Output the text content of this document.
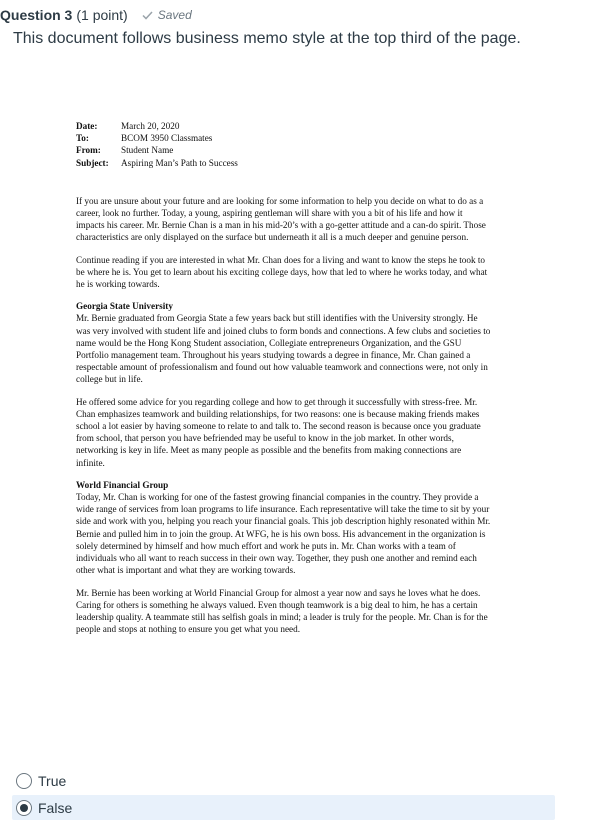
Question 3 (1 point)	Saved
This document follows business memo style at the top third of the page.
Date:	March 20, 2020
To:	BCOM 3950 Classmates
From:	Student Name
Subject:	Aspiring Man’s Path to Success

If you are unsure about your future and are looking for some information to help you decide on what to do as a career, look no further. Today, a young, aspiring gentleman will share with you a bit of his life and how it impacts his career. Mr. Bernie Chan is a man in his mid-20’s with a go-getter attitude and a can-do spirit. Those characteristics are only displayed on the surface but underneath it all is a much deeper and genuine person.

Continue reading if you are interested in what Mr. Chan does for a living and want to know the steps he took to be where he is. You get to learn about his exciting college days, how that led to where he works today, and what he is working towards.

Georgia State University

Mr. Bernie graduated from Georgia State a few years back but still identifies with the University strongly. He was very involved with student life and joined clubs to form bonds and connections. A few clubs and societies to name would be the Hong Kong Student association, Collegiate entrepreneurs Organization, and the GSU Portfolio management team. Throughout his years studying towards a degree in finance, Mr. Chan gained a respectable amount of professionalism and found out how valuable teamwork and connections were, not only in college but in life.

He offered some advice for you regarding college and how to get through it successfully with stress-free. Mr. Chan emphasizes teamwork and building relationships, for two reasons: one is because making friends makes school a lot easier by having someone to relate to and talk to. The second reason is because once you graduate from school, that person you have befriended may be useful to know in the job market. In other words, networking is key in life. Meet as many people as possible and the benefits from making connections are infinite.

World Financial Group

Today, Mr. Chan is working for one of the fastest growing financial companies in the country. They provide a wide range of services from loan programs to life insurance. Each representative will take the time to sit by your side and work with you, helping you reach your financial goals. This job description highly resonated within Mr. Bernie and pulled him in to join the group. At WFG, he is his own boss. His advancement in the organization is solely determined by himself and how much effort and work he puts in. Mr. Chan works with a team of individuals who all want to reach success in their own way. Together, they push one another and remind each other what is important and what they are working towards.

Mr. Bernie has been working at World Financial Group for almost a year now and says he loves what he does. Caring for others is something he always valued. Even though teamwork is a big deal to him, he has a certain leadership quality. A teammate still has selfish goals in mind; a leader is truly for the people. Mr. Chan is for the people and stops at nothing to ensure you get what you need.

True
False
